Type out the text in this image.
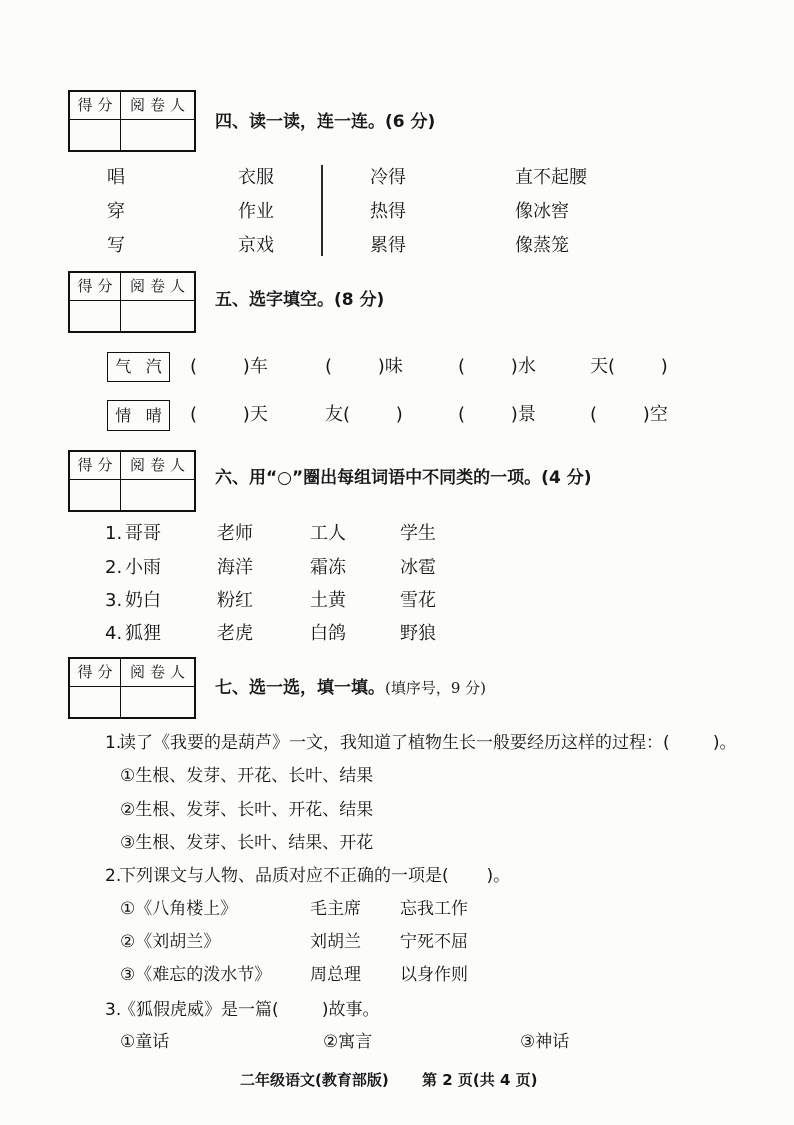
得分 阅卷人
四、读一读，连一连。(6 分)
唱	衣服	冷得	直不起腰
穿	作业	热得	像冰窖
写	京戏	累得	像蒸笼
得分 阅卷人
五、选字填空。(8 分)
气 汽 (        )车	(        )味	(        )水	天(        )
情 晴 (        )天	友(        )	(        )景	(        )空
得分 阅卷人
六、用“○”圈出每组词语中不同类的一项。(4 分)
1. 哥哥	老师	工人	学生
2. 小雨	海洋	霜冻	冰雹
3. 奶白	粉红	土黄	雪花
4. 狐狸	老虎	白鸽	野狼
得分 阅卷人
七、选一选，填一填。(填序号，9 分)
1.
读了《我要的是葫芦》一文，我知道了植物生长一般要经历这样的过程：(        )。
①生根、发芽、开花、长叶、结果
②生根、发芽、长叶、开花、结果
③生根、发芽、长叶、结果、开花
2.
下列课文与人物、品质对应不正确的一项是(       )。
①《八角楼上》	毛主席 忘我工作
②《刘胡兰》	刘胡兰 宁死不屈
③《难忘的泼水节》 周总理 以身作则
3.
《狐假虎威》是一篇(        )故事。
①童话	②寓言	③神话
二年级语文(教育部版) 第 2 页(共 4 页)
